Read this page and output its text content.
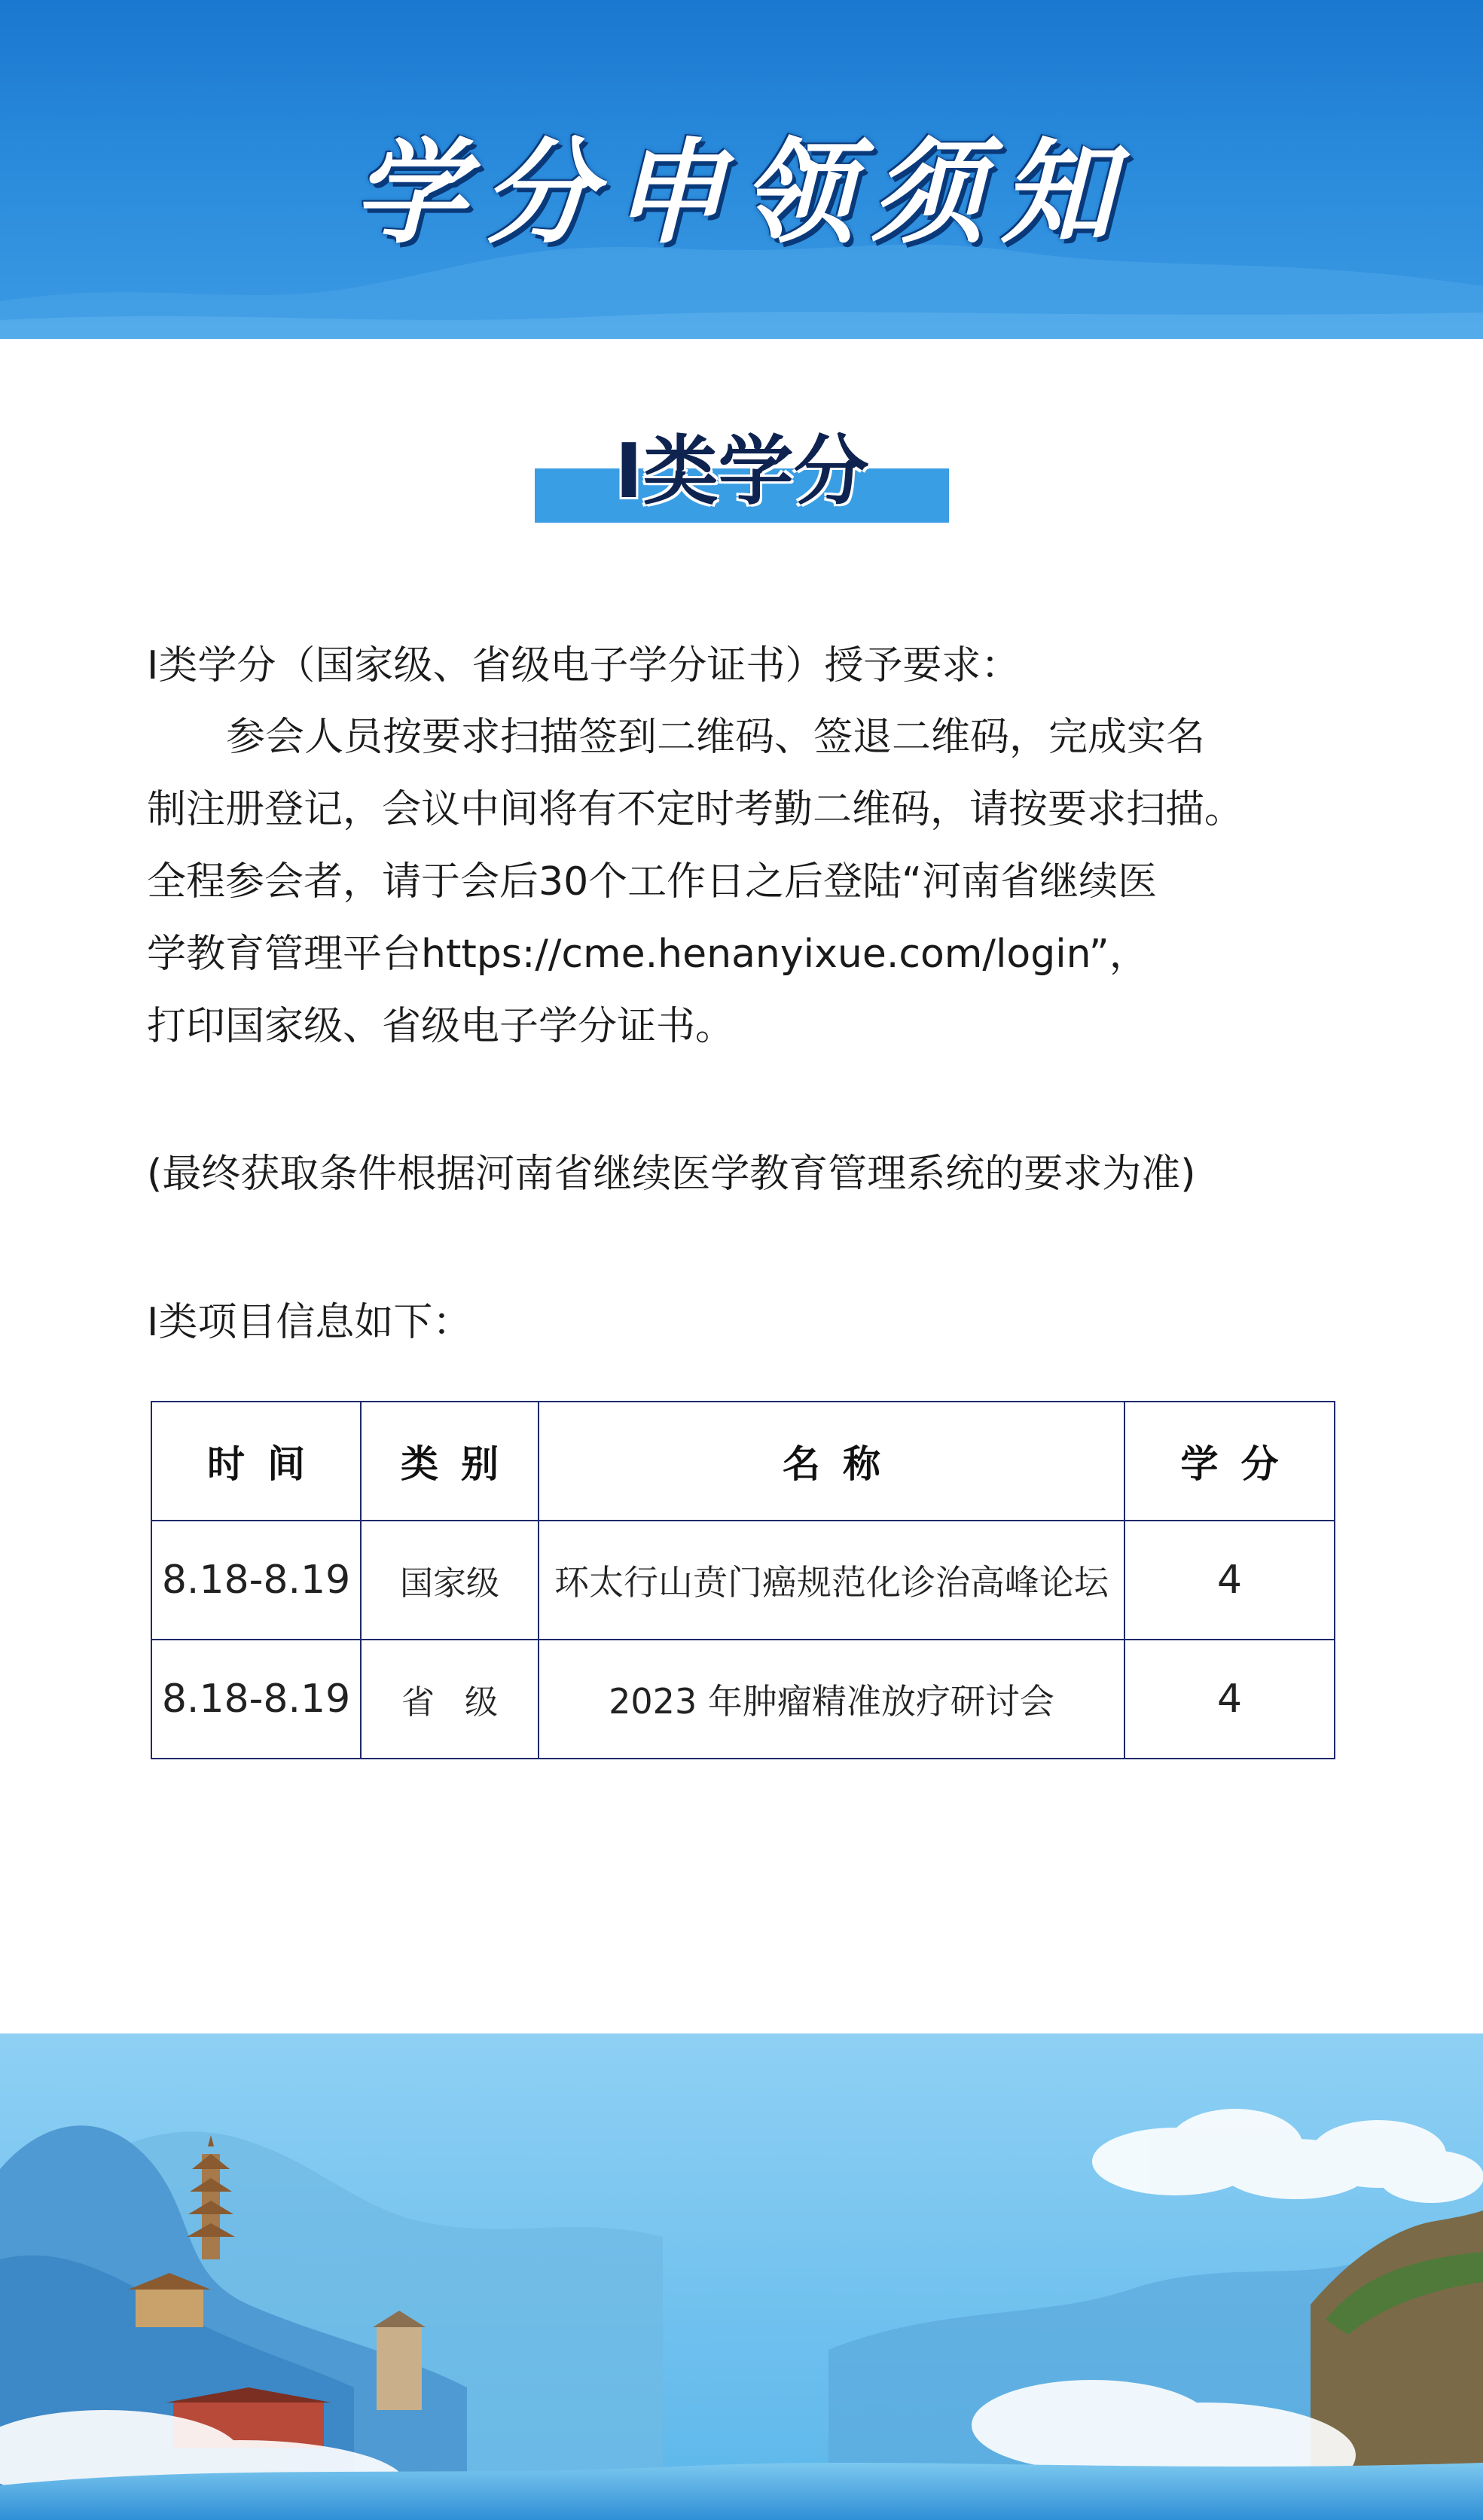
学分申领须知
Ⅰ类学分
Ⅰ类学分（国家级、省级电子学分证书）授予要求：
参会人员按要求扫描签到二维码、签退二维码，完成实名
制注册登记，会议中间将有不定时考勤二维码，请按要求扫描。
全程参会者，请于会后30个工作日之后登陆“河南省继续医
学教育管理平台https://cme.henanyixue.com/login”，
打印国家级、省级电子学分证书。
(最终获取条件根据河南省继续医学教育管理系统的要求为准)
Ⅰ类项目信息如下：
时间	类别	名称	学分
8.18-8.19	国家级	环太行山贲门癌规范化诊治高峰论坛	4
8.18-8.19	省级	2023 年肿瘤精准放疗研讨会	4
